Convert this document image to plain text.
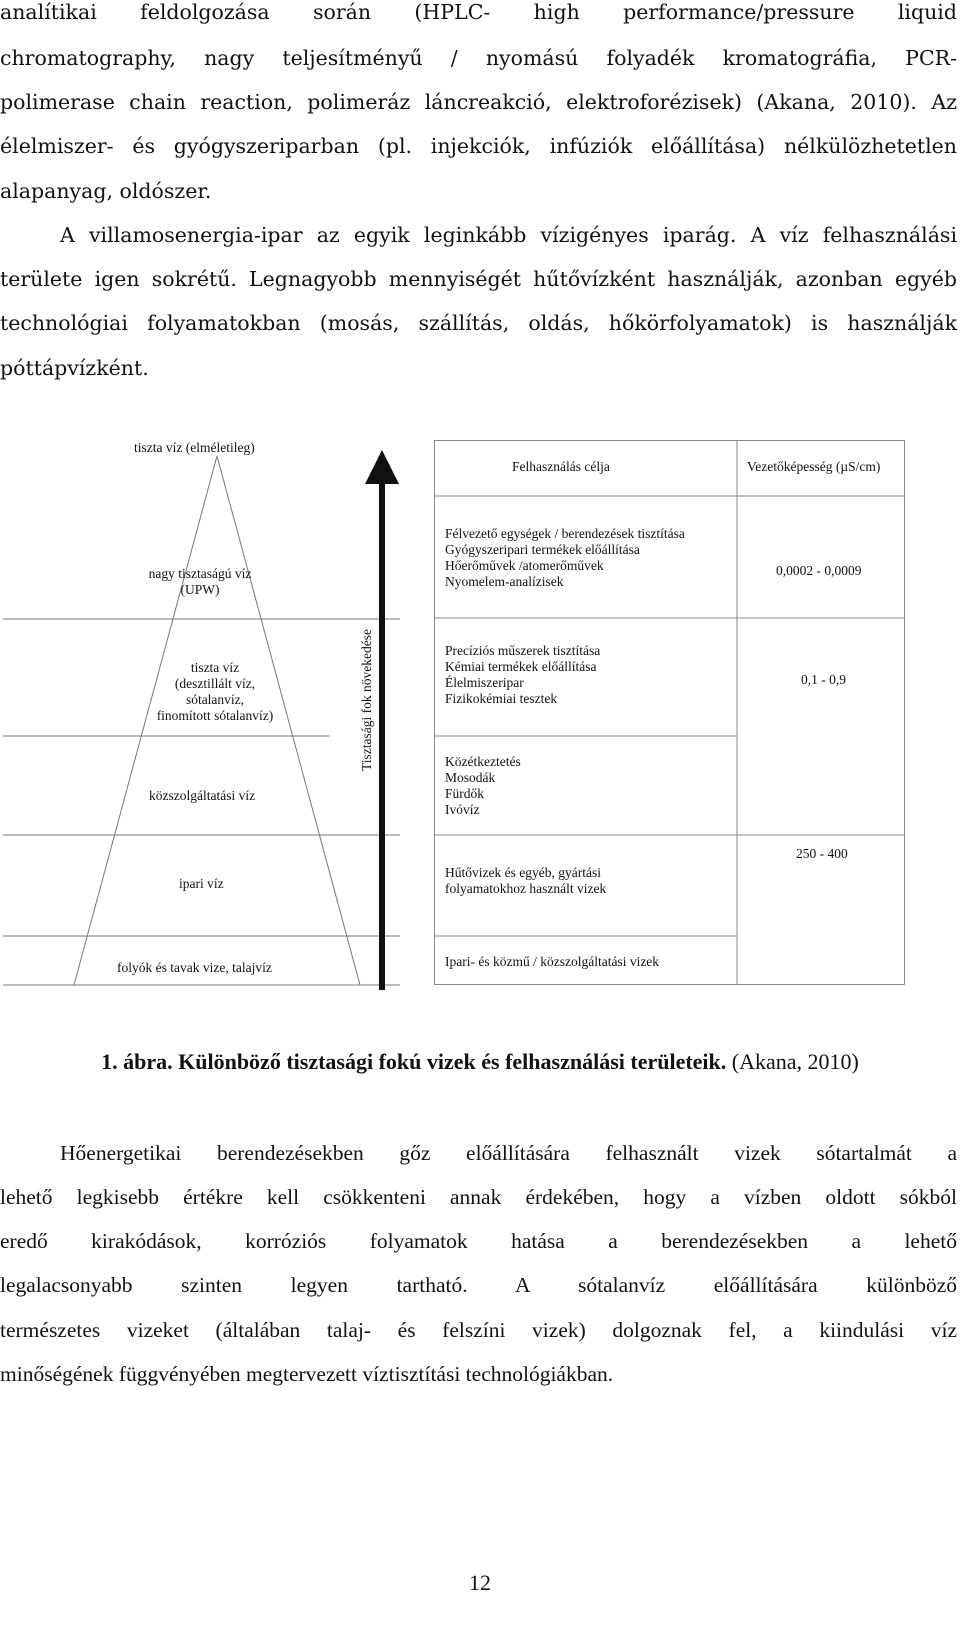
analítikai feldolgozása során (HPLC- high performance/pressure liquid
chromatography, nagy teljesítményű / nyomású folyadék kromatográfia, PCR-
polimerase chain reaction, polimeráz láncreakció, elektroforézisek) (Akana, 2010). Az
élelmiszer- és gyógyszeriparban (pl. injekciók, infúziók előállítása) nélkülözhetetlen
alapanyag, oldószer.
A villamosenergia-ipar az egyik leginkább vízigényes iparág. A víz felhasználási
területe igen sokrétű. Legnagyobb mennyiségét hűtővízként használják, azonban egyéb
technológiai folyamatokban (mosás, szállítás, oldás, hőkörfolyamatok) is használják
póttápvízként.
tiszta víz (elméletileg)
nagy tisztaságú víz
(UPW)
tiszta víz
(desztillált víz,
sótalanvíz,
finomított sótalanvíz)
közszolgáltatási víz
ipari víz
folyók és tavak vize, talajvíz
Tisztasági fok növekedése
Felhasználás célja	Vezetőképesség (µS/cm)
Félvezető egységek / berendezések tisztítása
Gyógyszeripari termékek előállítása
Hőerőművek /atomerőművek
Nyomelem-analízisek
0,0002 - 0,0009
Precíziós műszerek tisztítása
Kémiai termékek előállítása
Élelmiszeripar
Fizikokémiai tesztek
0,1 - 0,9
Közétkeztetés
Mosodák
Fürdők
Ivóvíz
Hűtővizek és egyéb, gyártási
folyamatokhoz használt vizek
250 - 400
Ipari- és közmű / közszolgáltatási vizek
1. ábra. Különböző tisztasági fokú vizek és felhasználási területeik. (Akana, 2010)
Hőenergetikai berendezésekben gőz előállítására felhasznált vizek sótartalmát a
lehető legkisebb értékre kell csökkenteni annak érdekében, hogy a vízben oldott sókból
eredő kirakódások, korróziós folyamatok hatása a berendezésekben a lehető
legalacsonyabb szinten legyen tartható. A sótalanvíz előállítására különböző
természetes vizeket (általában talaj- és felszíni vizek) dolgoznak fel, a kiindulási víz
minőségének függvényében megtervezett víztisztítási technológiákban.
12
